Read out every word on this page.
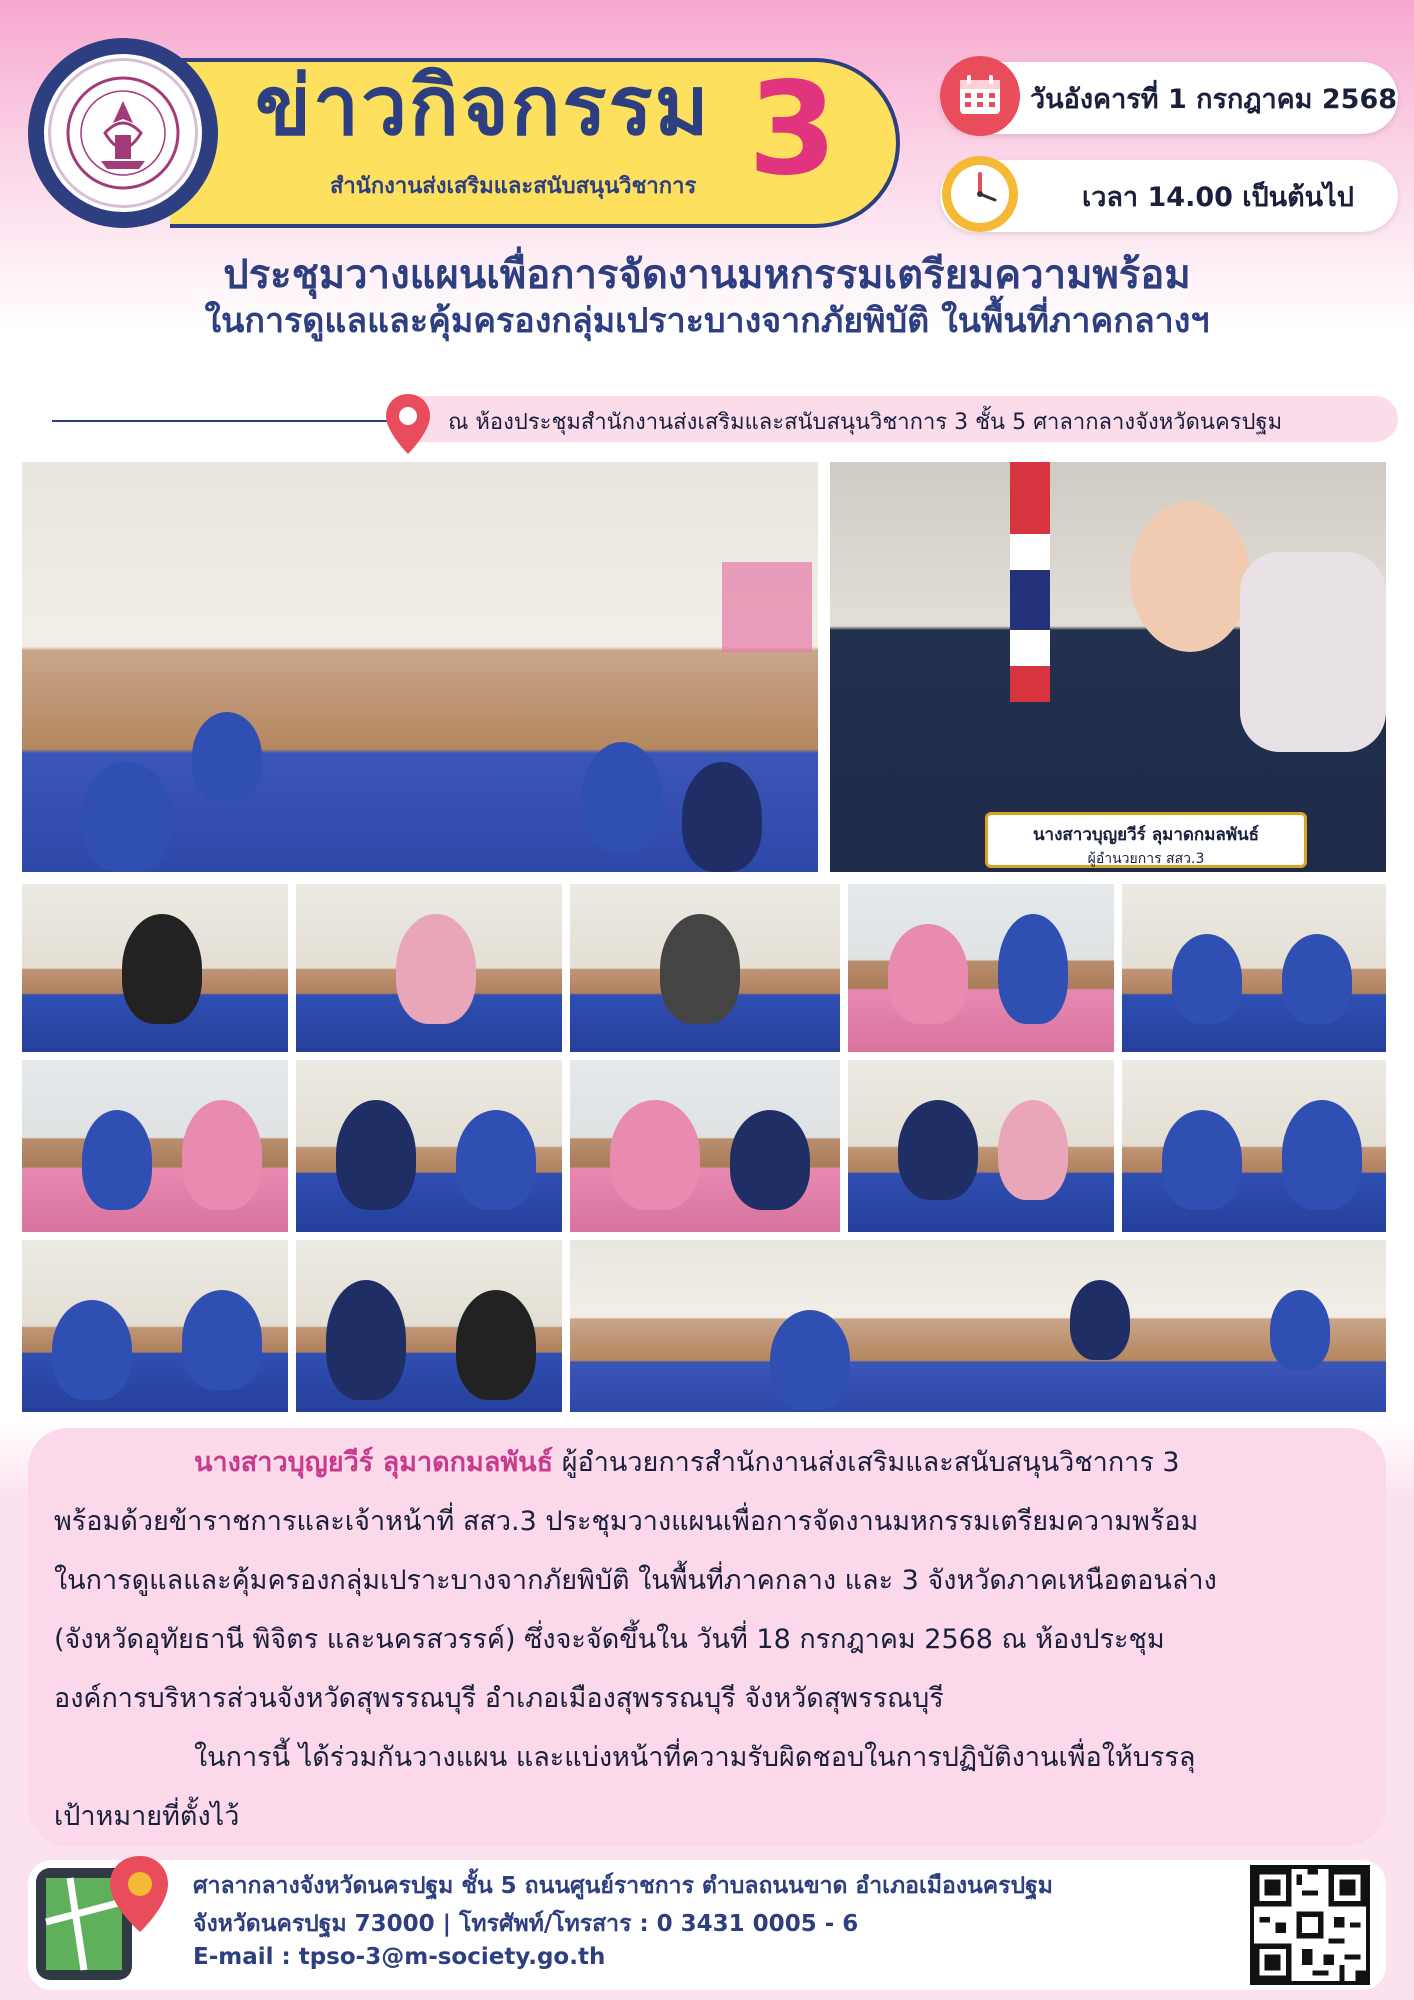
ข่าวกิจกรรม 3
สำนักงานส่งเสริมและสนับสนุนวิชาการ
วันอังคารที่ 1 กรกฎาคม 2568
เวลา 14.00 เป็นต้นไป
ประชุมวางแผนเพื่อการจัดงานมหกรรมเตรียมความพร้อม
ในการดูแลและคุ้มครองกลุ่มเปราะบางจากภัยพิบัติ ในพื้นที่ภาคกลางฯ
ณ ห้องประชุมสำนักงานส่งเสริมและสนับสนุนวิชาการ 3 ชั้น 5 ศาลากลางจังหวัดนครปฐม
นางสาวบุญยวีร์ ลุมาดกมลพันธ์
ผู้อำนวยการ สสว.3
นางสาวบุญยวีร์ ลุมาดกมลพันธ์ ผู้อำนวยการสำนักงานส่งเสริมและสนับสนุนวิชาการ 3
พร้อมด้วยข้าราชการและเจ้าหน้าที่ สสว.3 ประชุมวางแผนเพื่อการจัดงานมหกรรมเตรียมความพร้อม
ในการดูแลและคุ้มครองกลุ่มเปราะบางจากภัยพิบัติ ในพื้นที่ภาคกลาง และ 3 จังหวัดภาคเหนือตอนล่าง
(จังหวัดอุทัยธานี พิจิตร และนครสวรรค์) ซึ่งจะจัดขึ้นใน วันที่ 18 กรกฎาคม 2568 ณ ห้องประชุม
องค์การบริหารส่วนจังหวัดสุพรรณบุรี อำเภอเมืองสุพรรณบุรี จังหวัดสุพรรณบุรี
ในการนี้ ได้ร่วมกันวางแผน และแบ่งหน้าที่ความรับผิดชอบในการปฏิบัติงานเพื่อให้บรรลุ
เป้าหมายที่ตั้งไว้
ศาลากลางจังหวัดนครปฐม ชั้น 5 ถนนศูนย์ราชการ ตำบลถนนขาด อำเภอเมืองนครปฐม
จังหวัดนครปฐม 73000 | โทรศัพท์/โทรสาร : 0 3431 0005 - 6
E-mail : tpso-3@m-society.go.th
